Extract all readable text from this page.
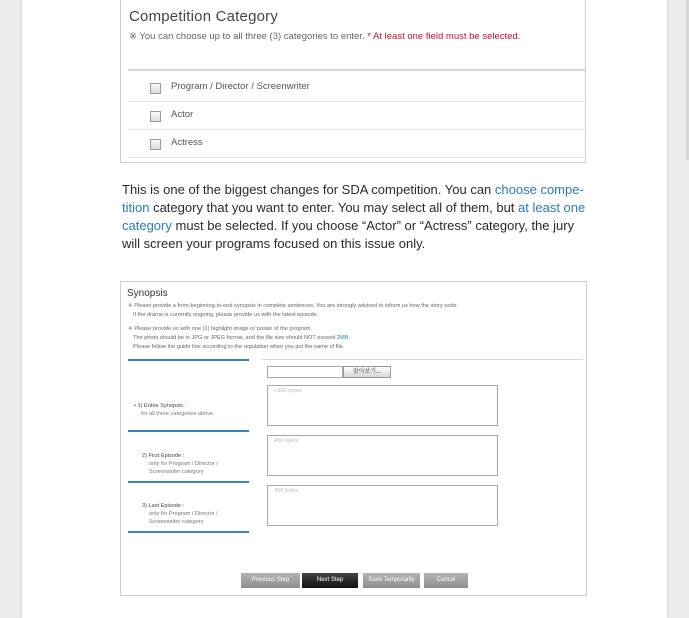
Competition Category
※ You can choose up to all three (3) categories to enter. * At least one field must be selected.
Program / Director / Screenwriter
Actor
Actress
This is one of the biggest changes for SDA competition. You can choose compe-tition category that you want to enter. You may select all of them, but at least one category must be selected. If you choose “Actor” or “Actress” category, the jury will screen your programs focused on this issue only.
Synopsis
※ Please provide a from-beginning-to-end synopsis in complete sentences. You are strongly advised to inform us how the story ends.
If the drama is currently ongoing, please provide us with the latest episode.
※ Please provide us with one (1) highlight image or poster of the program.
The photo should be in JPG or JPEG format, and the file size should NOT exceed 2MB.
Please follow the guide line according to the regulation when you put the name of file.
찾아보기...
• 1) Entire Synopsis :
for all three categories above
• 600 bytes
2) First Episode :
only for Program / Director / Screenwriter category
450 bytes
3) Last Episode :
only for Program / Director / Screenwriter category
450 bytes
Previous Step	Next Step	Save Temporarily	Cancel
